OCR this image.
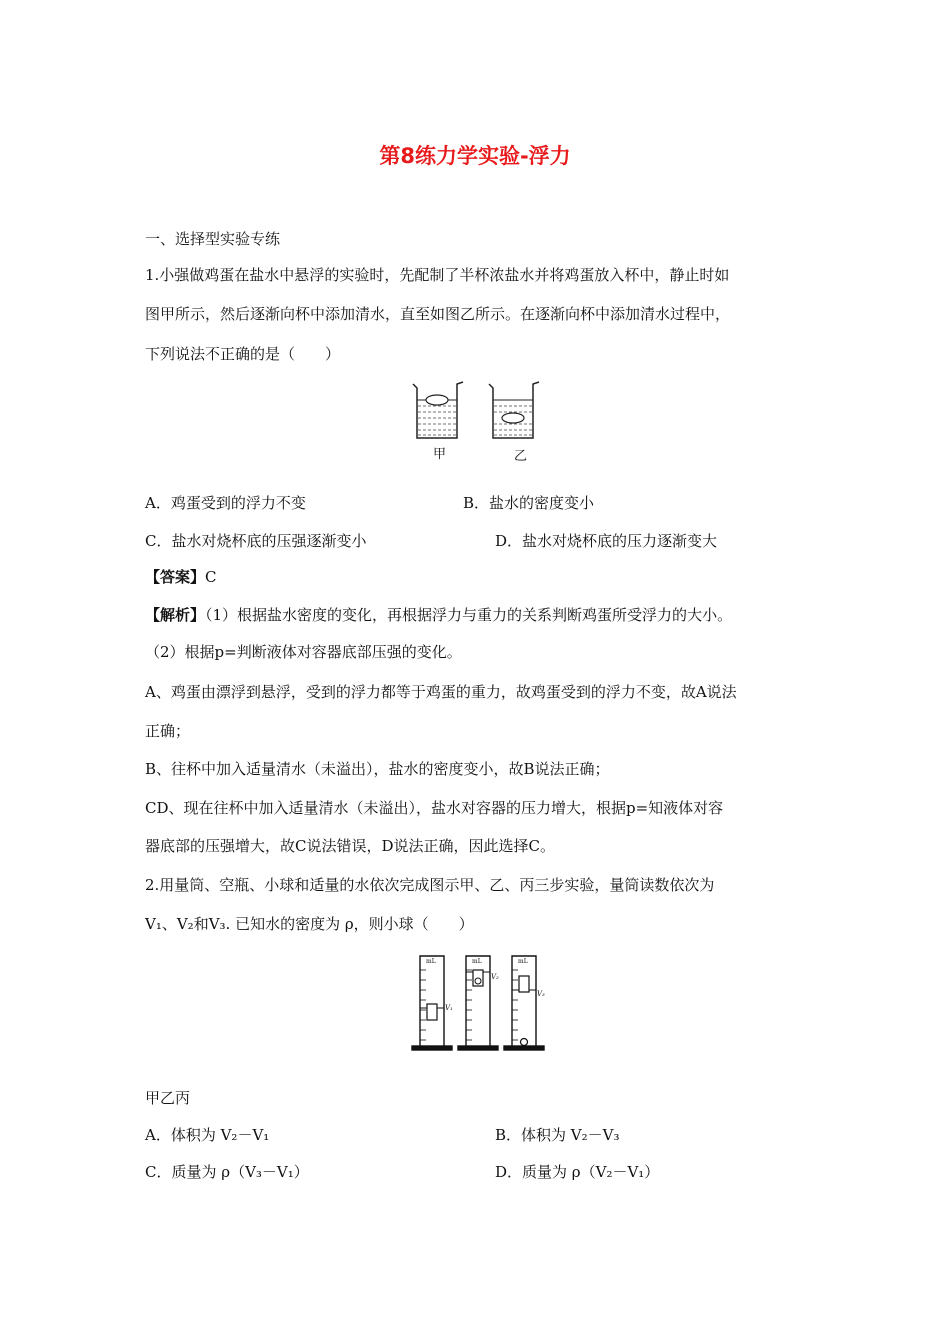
第8练力学实验-浮力
一、选择型实验专练
1.小强做鸡蛋在盐水中悬浮的实验时，先配制了半杯浓盐水并将鸡蛋放入杯中，静止时如
图甲所示，然后逐渐向杯中添加清水，直至如图乙所示。在逐渐向杯中添加清水过程中，
下列说法不正确的是（　　）
甲	乙
A．鸡蛋受到的浮力不变	B．盐水的密度变小
C．盐水对烧杯底的压强逐渐变小	D．盐水对烧杯底的压力逐渐变大
【答案】C
【解析】（1）根据盐水密度的变化，再根据浮力与重力的关系判断鸡蛋所受浮力的大小。
（2）根据p=判断液体对容器底部压强的变化。
A、鸡蛋由漂浮到悬浮，受到的浮力都等于鸡蛋的重力，故鸡蛋受到的浮力不变，故A说法
正确；
B、往杯中加入适量清水（未溢出），盐水的密度变小，故B说法正确；
CD、现在往杯中加入适量清水（未溢出），盐水对容器的压力增大，根据p=知液体对容
器底部的压强增大，故C说法错误，D说法正确，因此选择C。
2.用量筒、空瓶、小球和适量的水依次完成图示甲、乙、丙三步实验，量筒读数依次为
V₁、V₂和V₃. 已知水的密度为 ρ，则小球（　　）
mL	mL	mL
V₁
V₂
V₃
甲乙丙
A．体积为 V₂－V₁	B．体积为 V₂－V₃
C．质量为 ρ（V₃－V₁）	D．质量为 ρ（V₂－V₁）
